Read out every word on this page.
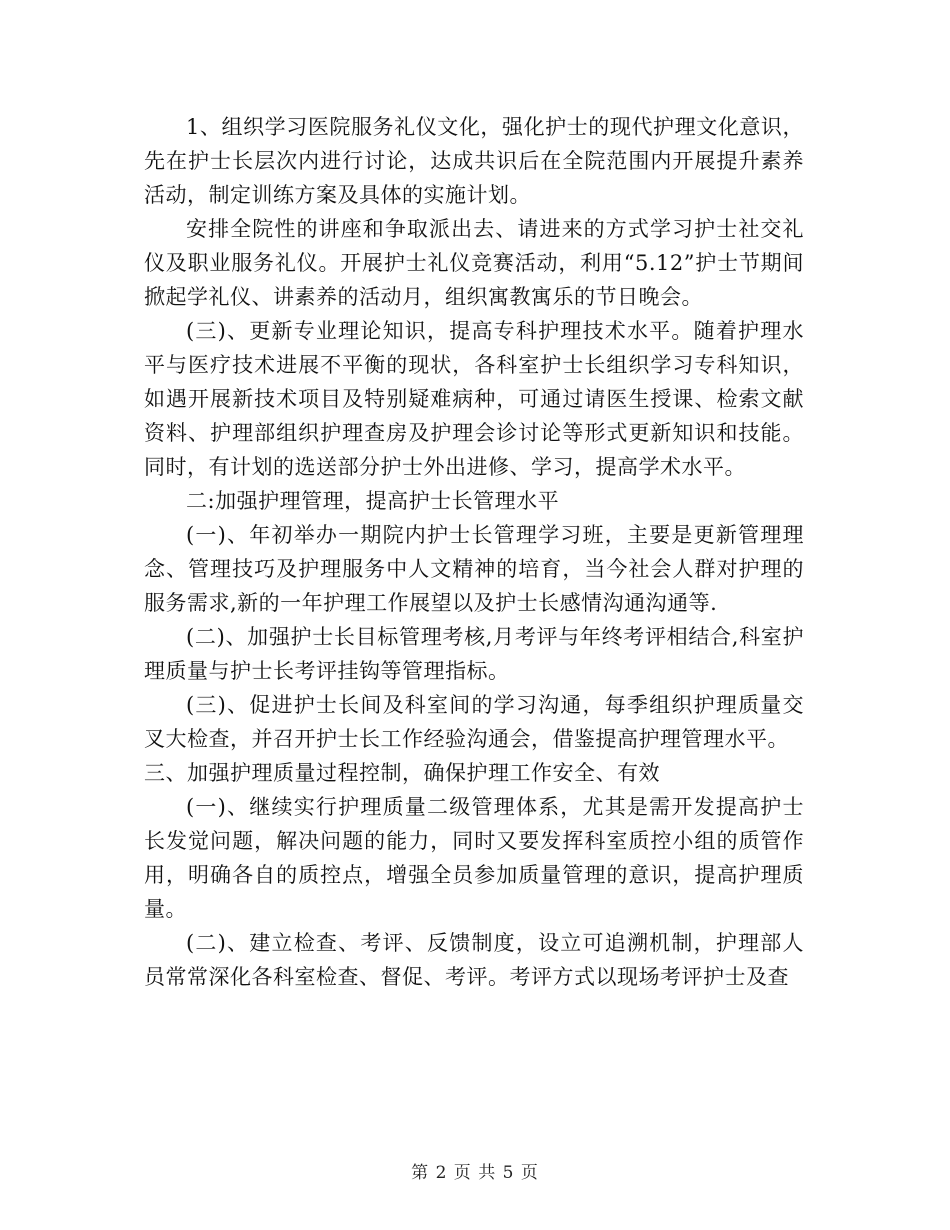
1、组织学习医院服务礼仪文化，强化护士的现代护理文化意识，先在护士长层次内进行讨论，达成共识后在全院范围内开展提升素养活动，制定训练方案及具体的实施计划。

安排全院性的讲座和争取派出去、请进来的方式学习护士社交礼仪及职业服务礼仪。开展护士礼仪竞赛活动，利用“5.12”护士节期间掀起学礼仪、讲素养的活动月，组织寓教寓乐的节日晚会。

(三)、更新专业理论知识，提高专科护理技术水平。随着护理水平与医疗技术进展不平衡的现状，各科室护士长组织学习专科知识，如遇开展新技术项目及特别疑难病种，可通过请医生授课、检索文献资料、护理部组织护理查房及护理会诊讨论等形式更新知识和技能。同时，有计划的选送部分护士外出进修、学习，提高学术水平。

二:加强护理管理，提高护士长管理水平

(一)、年初举办一期院内护士长管理学习班，主要是更新管理理念、管理技巧及护理服务中人文精神的培育，当今社会人群对护理的服务需求,新的一年护理工作展望以及护士长感情沟通沟通等.

(二)、加强护士长目标管理考核,月考评与年终考评相结合,科室护理质量与护士长考评挂钩等管理指标。

(三)、促进护士长间及科室间的学习沟通，每季组织护理质量交叉大检查，并召开护士长工作经验沟通会，借鉴提高护理管理水平。

三、加强护理质量过程控制，确保护理工作安全、有效

(一)、继续实行护理质量二级管理体系，尤其是需开发提高护士长发觉问题，解决问题的能力，同时又要发挥科室质控小组的质管作用，明确各自的质控点，增强全员参加质量管理的意识，提高护理质量。

(二)、建立检查、考评、反馈制度，设立可追溯机制，护理部人员常常深化各科室检查、督促、考评。考评方式以现场考评护士及查

第 2 页 共 5 页
